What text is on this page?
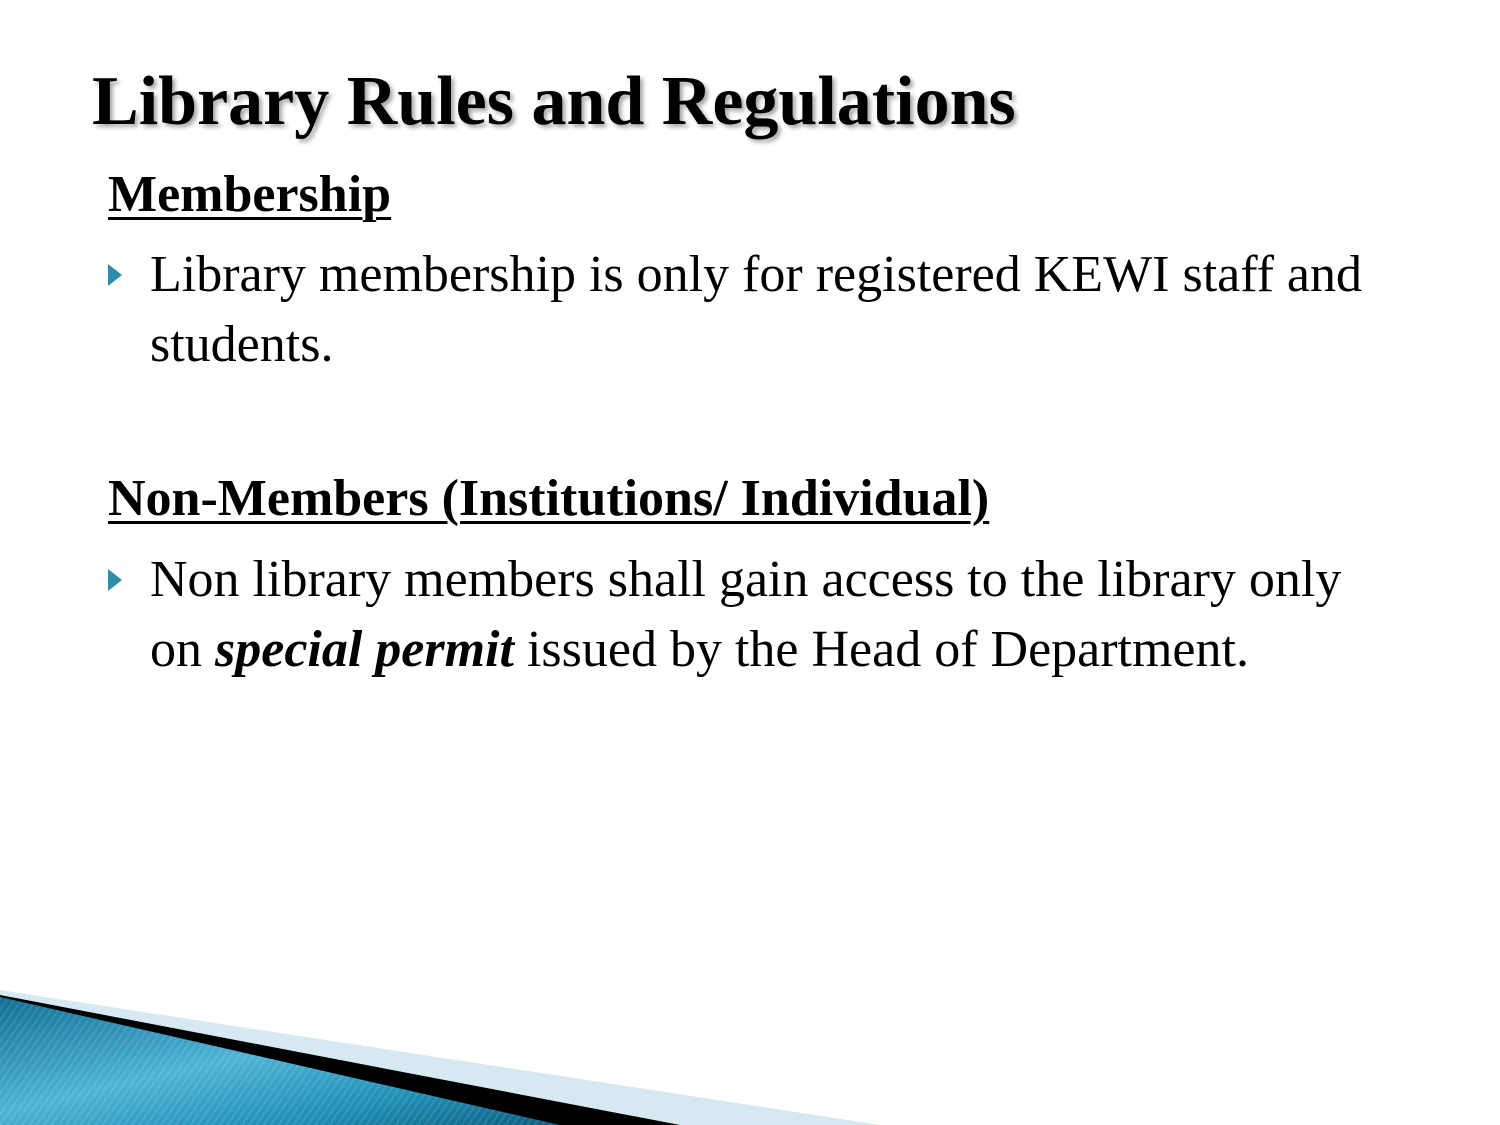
Library Rules and Regulations
Membership
Library membership is only for registered KEWI staff and students.
Non-Members (Institutions/ Individual)
Non library members shall gain access to the library only on special permit issued by the Head of Department.
